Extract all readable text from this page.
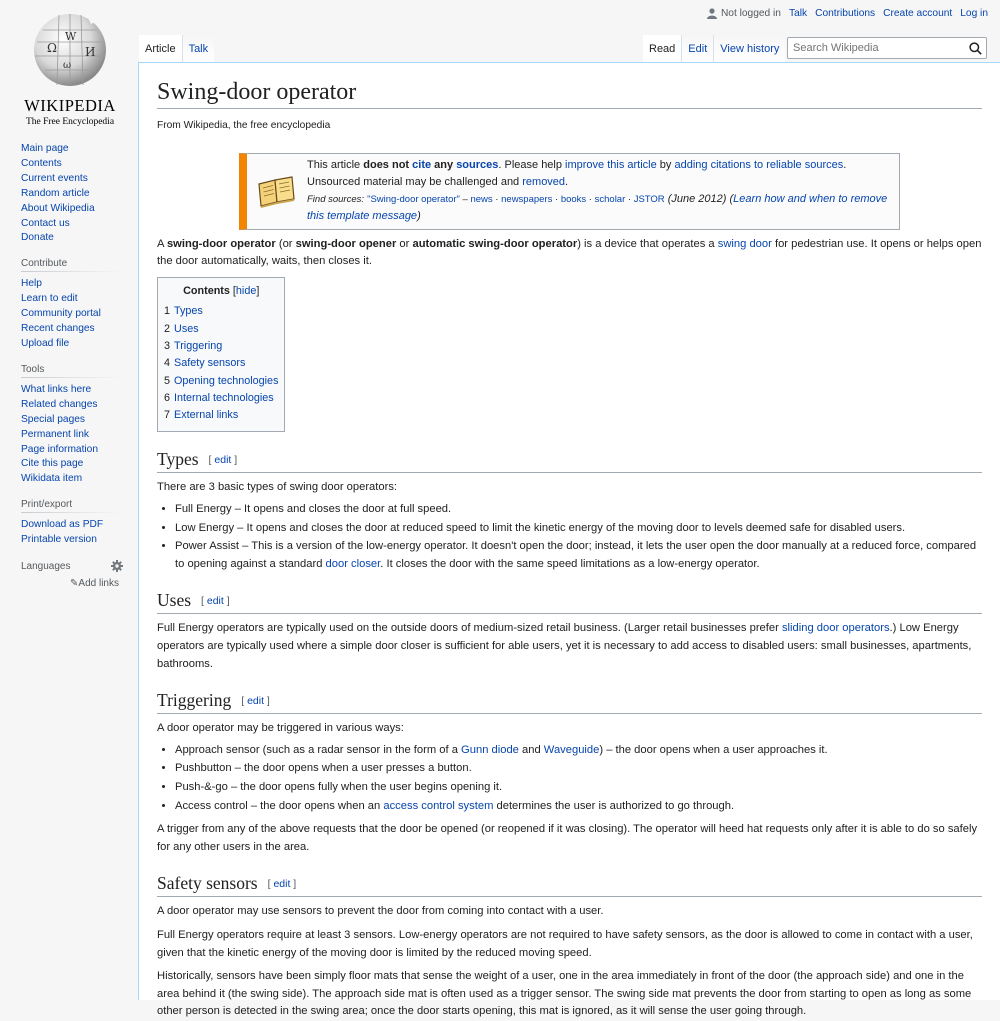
Ω
W
И
ω
WIKIPEDIA
The Free Encyclopedia
Not logged in Talk Contributions Create account Log in
Article	Talk	Read	Edit	View history
Search Wikipedia
Main page
Contents
Current events
Random article
About Wikipedia
Contact us
Donate
Contribute
Help
Learn to edit
Community portal
Recent changes
Upload file
Tools
What links here
Related changes
Special pages
Permanent link
Page information
Cite this page
Wikidata item
Print/export
Download as PDF
Printable version
Languages
✎Add links
Swing-door operator
From Wikipedia, the free encyclopedia
This article does not cite any sources. Please help improve this article by adding citations to reliable sources.
Unsourced material may be challenged and removed.
Find sources: "Swing-door operator" – news · newspapers · books · scholar · JSTOR (June 2012) (Learn how and when to remove this template message)

A swing-door operator (or swing-door opener or automatic swing-door operator) is a device that operates a swing door for pedestrian use. It opens or helps open the door automatically, waits, then closes it.

Contents [hide]
1 Types
2 Uses
3 Triggering
4 Safety sensors
5 Opening technologies
6 Internal technologies
7 External links
Types [ edit ]

There are 3 basic types of swing door operators:

• Full Energy – It opens and closes the door at full speed.
• Low Energy – It opens and closes the door at reduced speed to limit the kinetic energy of the moving door to levels deemed safe for disabled users.
• Power Assist – This is a version of the low-energy operator. It doesn't open the door; instead, it lets the user open the door manually at a reduced force, compared to opening against a standard door closer. It closes the door with the same speed limitations as a low-energy operator.
Uses [ edit ]

Full Energy operators are typically used on the outside doors of medium-sized retail business. (Larger retail businesses prefer sliding door operators.) Low Energy operators are typically used where a simple door closer is sufficient for able users, yet it is necessary to add access to disabled users: small businesses, apartments, bathrooms.

Triggering [ edit ]

A door operator may be triggered in various ways:

• Approach sensor (such as a radar sensor in the form of a Gunn diode and Waveguide) – the door opens when a user approaches it.
• Pushbutton – the door opens when a user presses a button.
• Push-&-go – the door opens fully when the user begins opening it.
• Access control – the door opens when an access control system determines the user is authorized to go through.

A trigger from any of the above requests that the door be opened (or reopened if it was closing). The operator will heed hat requests only after it is able to do so safely for any other users in the area.

Safety sensors [ edit ]

A door operator may use sensors to prevent the door from coming into contact with a user.

Full Energy operators require at least 3 sensors. Low-energy operators are not required to have safety sensors, as the door is allowed to come in contact with a user, given that the kinetic energy of the moving door is limited by the reduced moving speed.

Historically, sensors have been simply floor mats that sense the weight of a user, one in the area immediately in front of the door (the approach side) and one in the area behind it (the swing side). The approach side mat is often used as a trigger sensor. The swing side mat prevents the door from starting to open as long as some other person is detected in the swing area; once the door starts opening, this mat is ignored, as it will sense the user going through.
